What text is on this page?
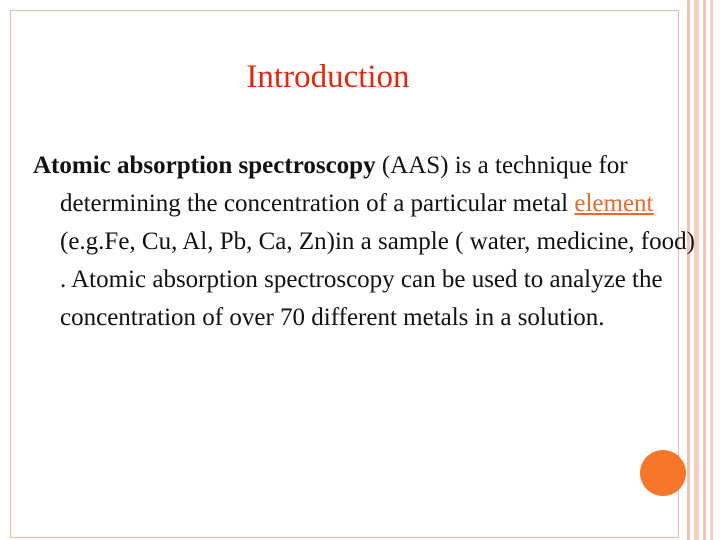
Introduction
Atomic absorption spectroscopy (AAS) is a technique for determining the concentration of a particular metal element (e.g.Fe, Cu, Al, Pb, Ca, Zn)in a sample ( water, medicine, food) . Atomic absorption spectroscopy can be used to analyze the concentration of over 70 different metals in a solution.
